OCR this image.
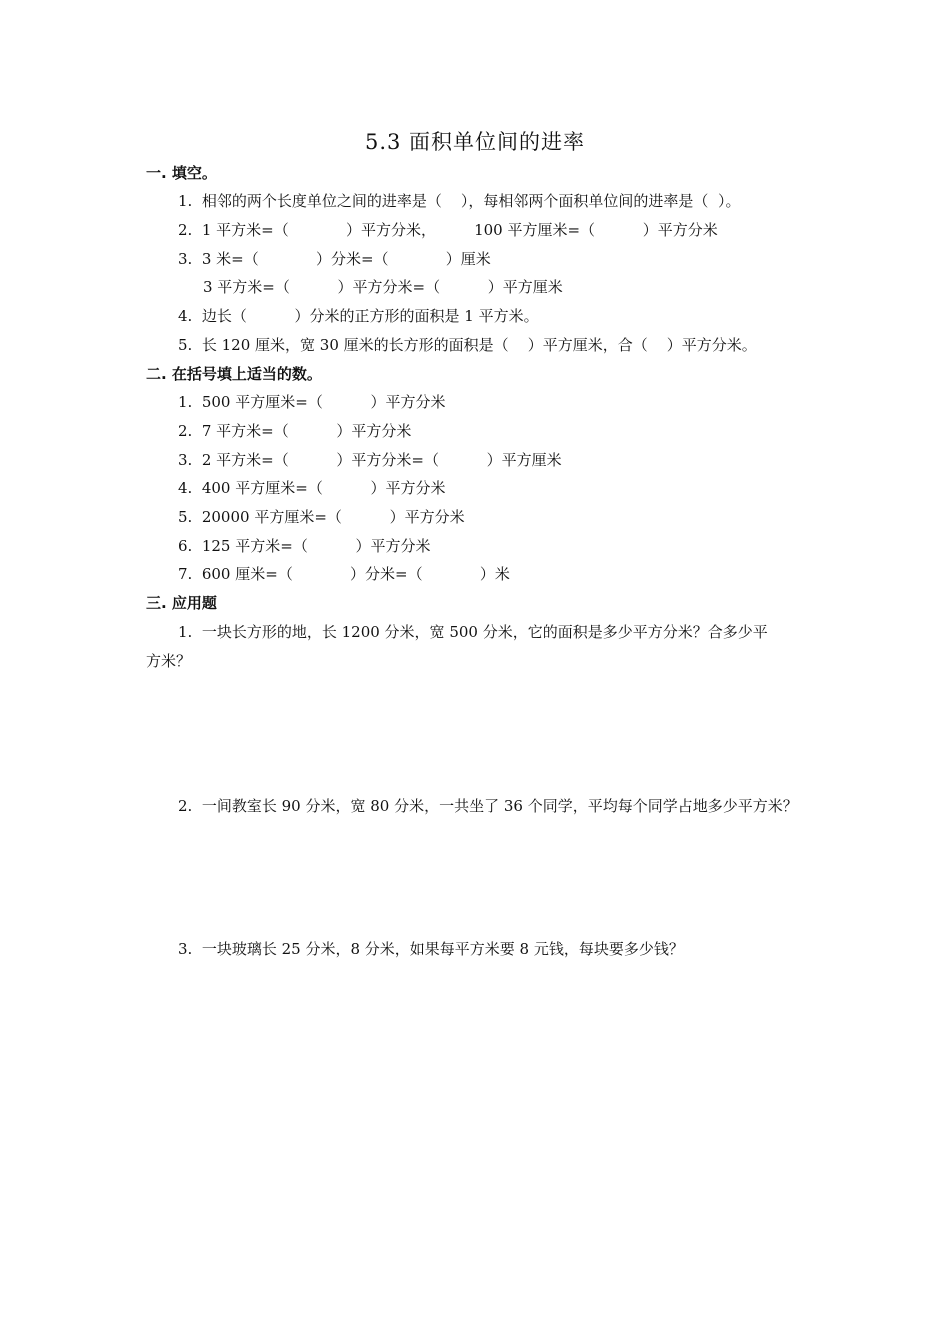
5.3 面积单位间的进率
一. 填空。
1.  相邻的两个长度单位之间的进率是（    ），每相邻两个面积单位间的进率是（  ）。
2.  1 平方米=（            ）平方分米，        100 平方厘米=（          ）平方分米
3.  3 米=（            ）分米=（            ）厘米
3 平方米=（          ）平方分米=（          ）平方厘米
4.  边长（          ）分米的正方形的面积是 1 平方米。
5.  长 120 厘米，宽 30 厘米的长方形的面积是（    ）平方厘米，合（    ）平方分米。
二. 在括号填上适当的数。
1.  500 平方厘米=（          ）平方分米
2.  7 平方米=（          ）平方分米
3.  2 平方米=（          ）平方分米=（          ）平方厘米
4.  400 平方厘米=（          ）平方分米
5.  20000 平方厘米=（          ）平方分米
6.  125 平方米=（          ）平方分米
7.  600 厘米=（            ）分米=（            ）米
三. 应用题
1.  一块长方形的地，长 1200 分米，宽 500 分米，它的面积是多少平方分米？合多少平
方米？
2.  一间教室长 90 分米，宽 80 分米，一共坐了 36 个同学，平均每个同学占地多少平方米？
3.  一块玻璃长 25 分米，8 分米，如果每平方米要 8 元钱，每块要多少钱？
